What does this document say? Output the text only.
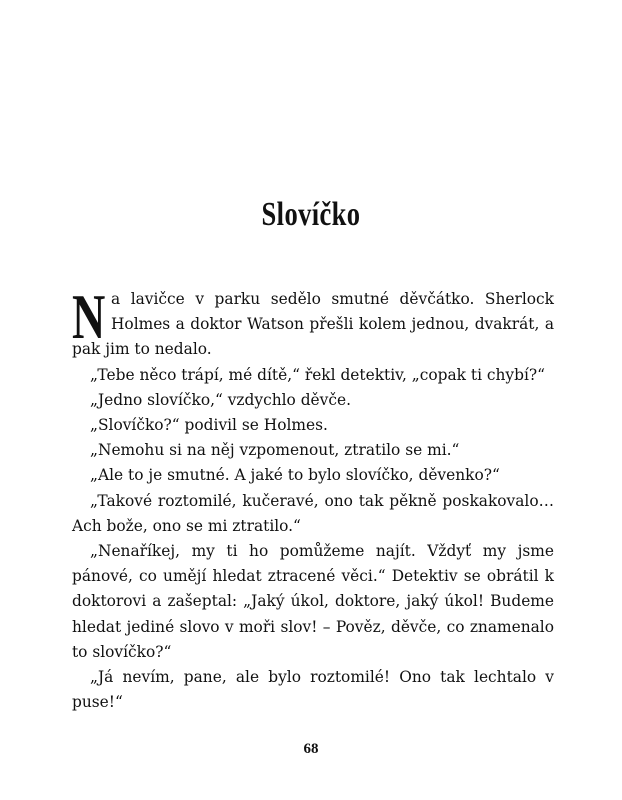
Slovíčko

Na lavičce v parku sedělo smutné děvčátko. Sherlock Holmes a doktor Watson přešli kolem jednou, dvakrát, a pak jim to nedalo.

„Tebe něco trápí, mé dítě,“ řekl detektiv, „copak ti chybí?“

„Jedno slovíčko,“ vzdychlo děvče.

„Slovíčko?“ podivil se Holmes.

„Nemohu si na něj vzpomenout, ztratilo se mi.“

„Ale to je smutné. A jaké to bylo slovíčko, děvenko?“

„Takové roztomilé, kučeravé, ono tak pěkně poskakovalo… Ach bože, ono se mi ztratilo.“

„Nenaříkej, my ti ho pomůžeme najít. Vždyť my jsme pánové, co umějí hledat ztracené věci.“ Detektiv se obrátil k doktorovi a zašeptal: „Jaký úkol, doktore, jaký úkol! Budeme hledat jediné slovo v moři slov! – Pověz, děvče, co znamenalo to slovíčko?“

„Já nevím, pane, ale bylo roztomilé! Ono tak lechtalo v puse!“

68
